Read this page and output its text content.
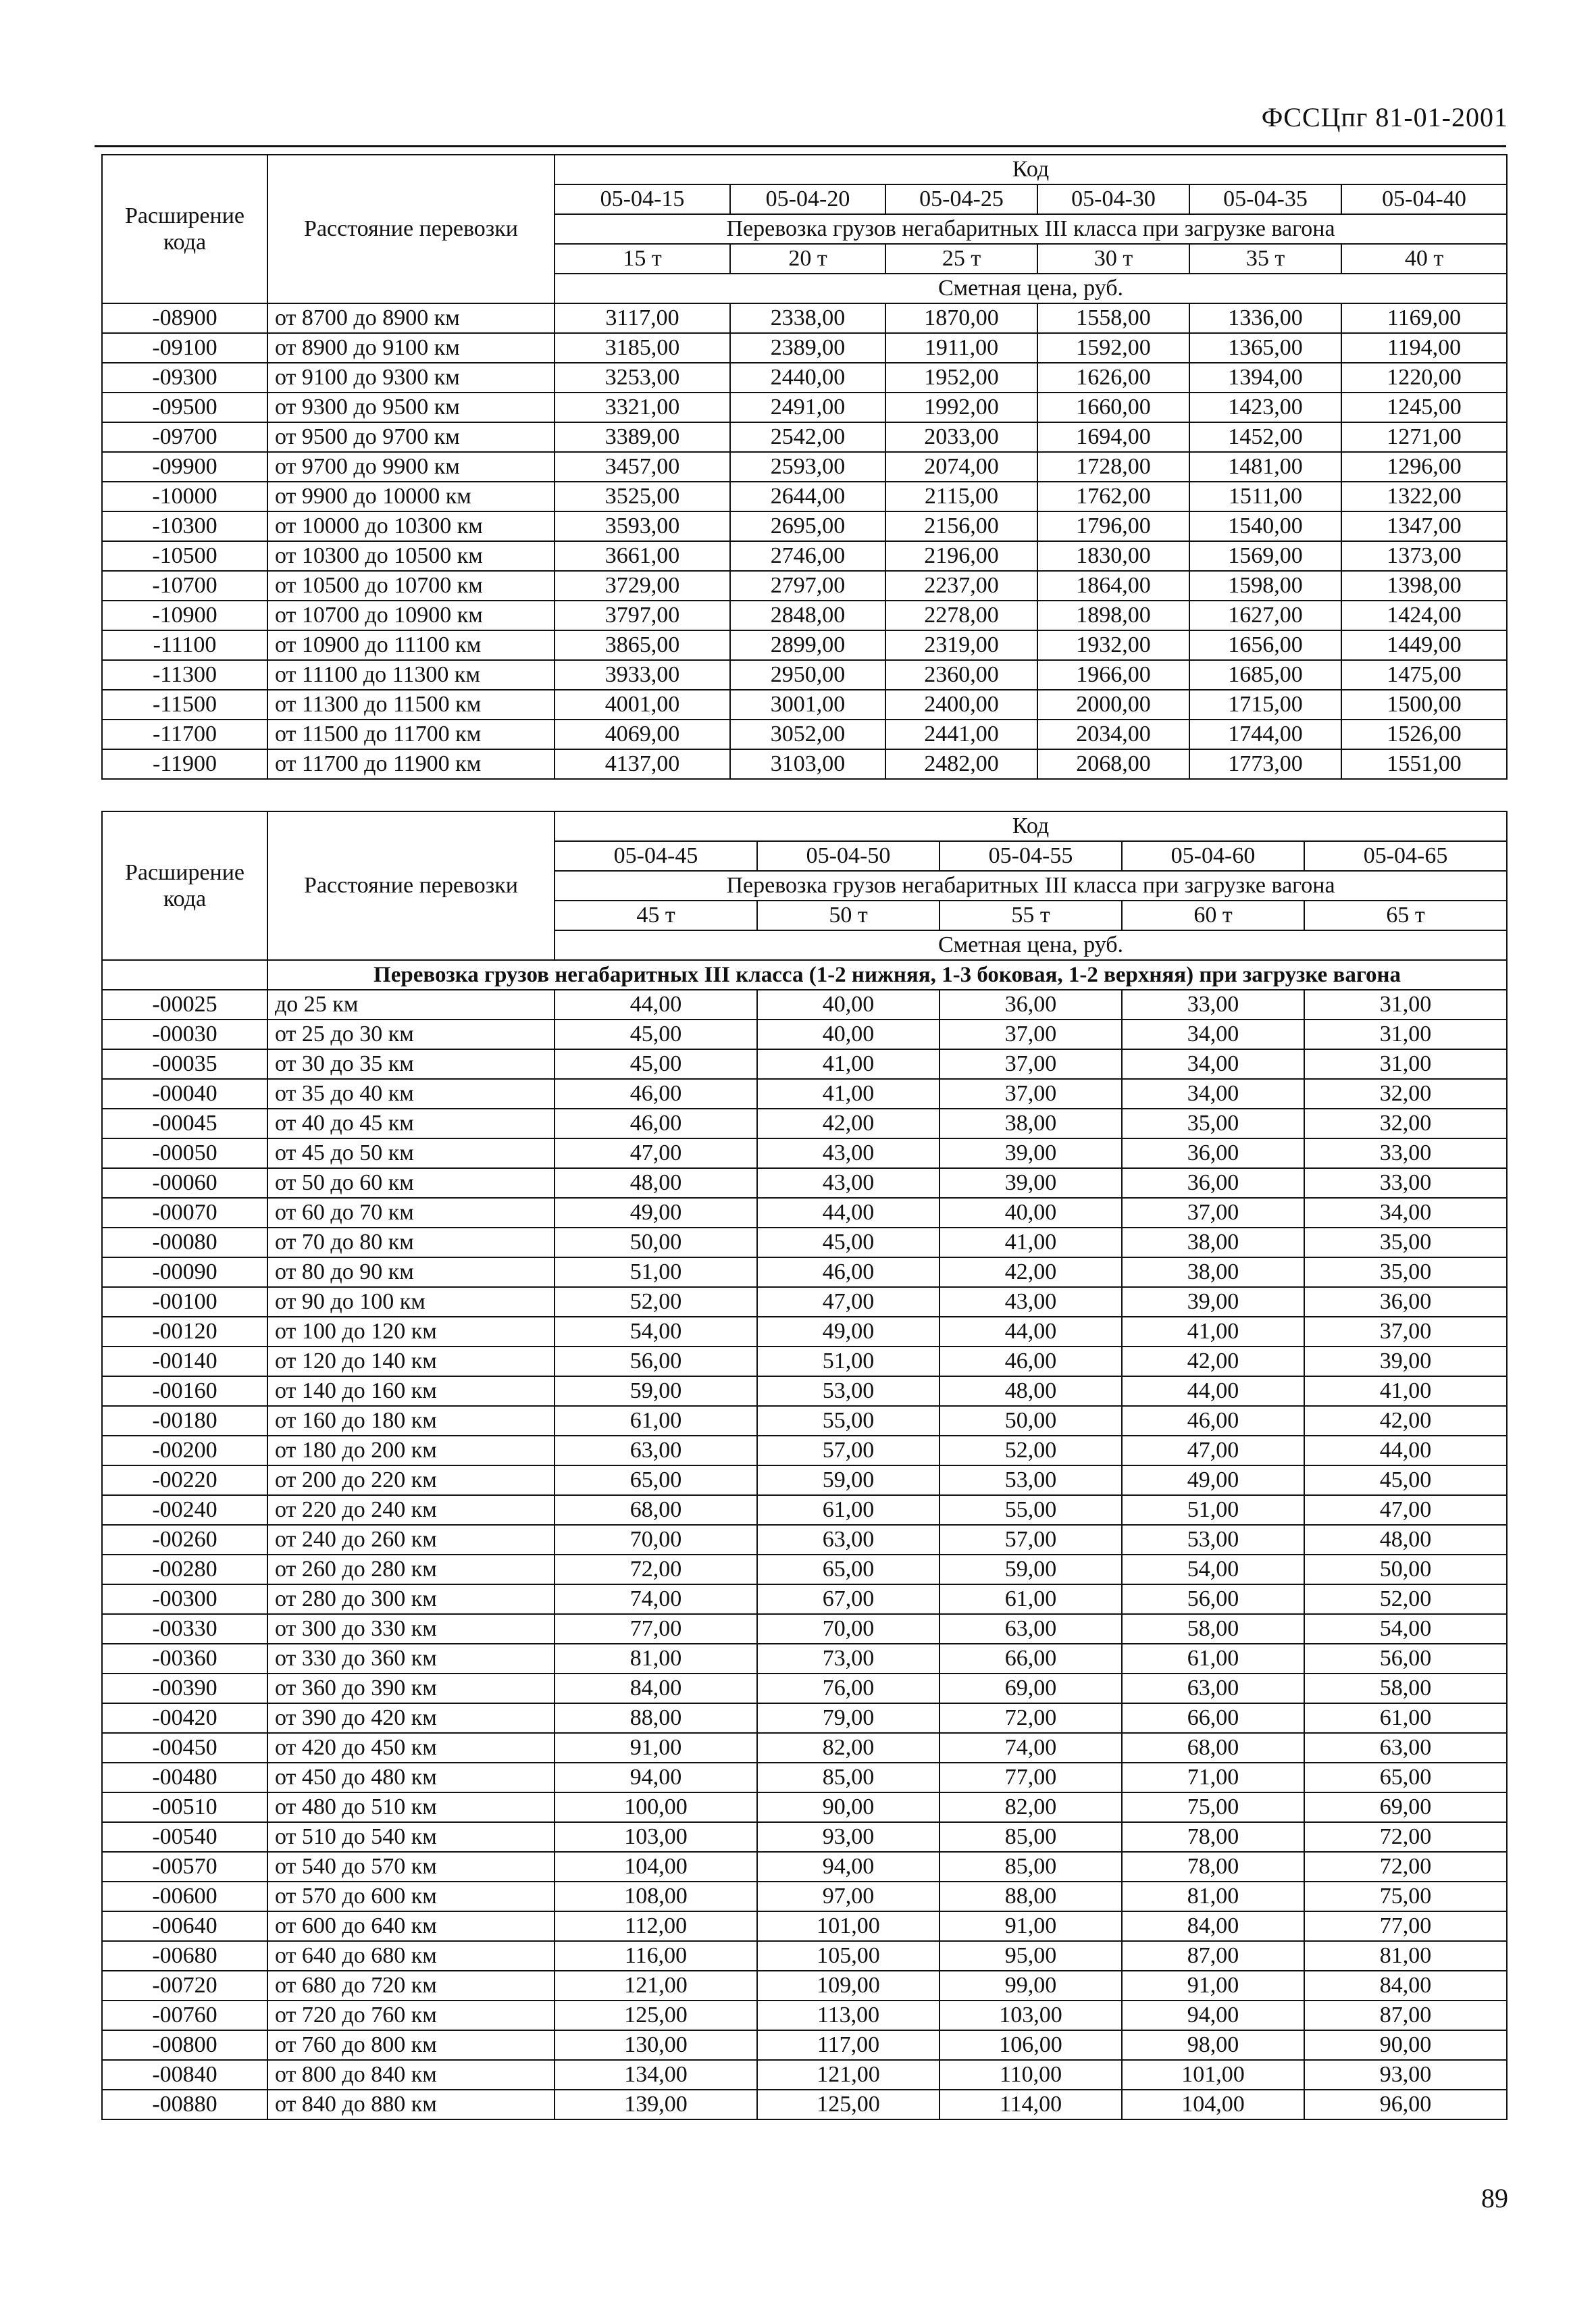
ФССЦпг 81-01-2001
Расширение кода	Расстояние перевозки	Код					
		05-04-15	05-04-20	05-04-25	05-04-30	05-04-35	05-04-40
		Перевозка грузов негабаритных III класса при загрузке вагона					
		15 т	20 т	25 т	30 т	35 т	40 т
		Сметная цена, руб.					
-08900	от 8700 до 8900 км	3117,00	2338,00	1870,00	1558,00	1336,00	1169,00
-09100	от 8900 до 9100 км	3185,00	2389,00	1911,00	1592,00	1365,00	1194,00
-09300	от 9100 до 9300 км	3253,00	2440,00	1952,00	1626,00	1394,00	1220,00
-09500	от 9300 до 9500 км	3321,00	2491,00	1992,00	1660,00	1423,00	1245,00
-09700	от 9500 до 9700 км	3389,00	2542,00	2033,00	1694,00	1452,00	1271,00
-09900	от 9700 до 9900 км	3457,00	2593,00	2074,00	1728,00	1481,00	1296,00
-10000	от 9900 до 10000 км	3525,00	2644,00	2115,00	1762,00	1511,00	1322,00
-10300	от 10000 до 10300 км	3593,00	2695,00	2156,00	1796,00	1540,00	1347,00
-10500	от 10300 до 10500 км	3661,00	2746,00	2196,00	1830,00	1569,00	1373,00
-10700	от 10500 до 10700 км	3729,00	2797,00	2237,00	1864,00	1598,00	1398,00
-10900	от 10700 до 10900 км	3797,00	2848,00	2278,00	1898,00	1627,00	1424,00
-11100	от 10900 до 11100 км	3865,00	2899,00	2319,00	1932,00	1656,00	1449,00
-11300	от 11100 до 11300 км	3933,00	2950,00	2360,00	1966,00	1685,00	1475,00
-11500	от 11300 до 11500 км	4001,00	3001,00	2400,00	2000,00	1715,00	1500,00
-11700	от 11500 до 11700 км	4069,00	3052,00	2441,00	2034,00	1744,00	1526,00
-11900	от 11700 до 11900 км	4137,00	3103,00	2482,00	2068,00	1773,00	1551,00
Расширение кода	Расстояние перевозки	Код				
		05-04-45	05-04-50	05-04-55	05-04-60	05-04-65
		Перевозка грузов негабаритных III класса при загрузке вагона				
		45 т	50 т	55 т	60 т	65 т
		Сметная цена, руб.				
	Перевозка грузов негабаритных III класса (1-2 нижняя, 1-3 боковая, 1-2 верхняя) при загрузке вагона					
-00025	до 25 км	44,00	40,00	36,00	33,00	31,00
-00030	от 25 до 30 км	45,00	40,00	37,00	34,00	31,00
-00035	от 30 до 35 км	45,00	41,00	37,00	34,00	31,00
-00040	от 35 до 40 км	46,00	41,00	37,00	34,00	32,00
-00045	от 40 до 45 км	46,00	42,00	38,00	35,00	32,00
-00050	от 45 до 50 км	47,00	43,00	39,00	36,00	33,00
-00060	от 50 до 60 км	48,00	43,00	39,00	36,00	33,00
-00070	от 60 до 70 км	49,00	44,00	40,00	37,00	34,00
-00080	от 70 до 80 км	50,00	45,00	41,00	38,00	35,00
-00090	от 80 до 90 км	51,00	46,00	42,00	38,00	35,00
-00100	от 90 до 100 км	52,00	47,00	43,00	39,00	36,00
-00120	от 100 до 120 км	54,00	49,00	44,00	41,00	37,00
-00140	от 120 до 140 км	56,00	51,00	46,00	42,00	39,00
-00160	от 140 до 160 км	59,00	53,00	48,00	44,00	41,00
-00180	от 160 до 180 км	61,00	55,00	50,00	46,00	42,00
-00200	от 180 до 200 км	63,00	57,00	52,00	47,00	44,00
-00220	от 200 до 220 км	65,00	59,00	53,00	49,00	45,00
-00240	от 220 до 240 км	68,00	61,00	55,00	51,00	47,00
-00260	от 240 до 260 км	70,00	63,00	57,00	53,00	48,00
-00280	от 260 до 280 км	72,00	65,00	59,00	54,00	50,00
-00300	от 280 до 300 км	74,00	67,00	61,00	56,00	52,00
-00330	от 300 до 330 км	77,00	70,00	63,00	58,00	54,00
-00360	от 330 до 360 км	81,00	73,00	66,00	61,00	56,00
-00390	от 360 до 390 км	84,00	76,00	69,00	63,00	58,00
-00420	от 390 до 420 км	88,00	79,00	72,00	66,00	61,00
-00450	от 420 до 450 км	91,00	82,00	74,00	68,00	63,00
-00480	от 450 до 480 км	94,00	85,00	77,00	71,00	65,00
-00510	от 480 до 510 км	100,00	90,00	82,00	75,00	69,00
-00540	от 510 до 540 км	103,00	93,00	85,00	78,00	72,00
-00570	от 540 до 570 км	104,00	94,00	85,00	78,00	72,00
-00600	от 570 до 600 км	108,00	97,00	88,00	81,00	75,00
-00640	от 600 до 640 км	112,00	101,00	91,00	84,00	77,00
-00680	от 640 до 680 км	116,00	105,00	95,00	87,00	81,00
-00720	от 680 до 720 км	121,00	109,00	99,00	91,00	84,00
-00760	от 720 до 760 км	125,00	113,00	103,00	94,00	87,00
-00800	от 760 до 800 км	130,00	117,00	106,00	98,00	90,00
-00840	от 800 до 840 км	134,00	121,00	110,00	101,00	93,00
-00880	от 840 до 880 км	139,00	125,00	114,00	104,00	96,00
89
